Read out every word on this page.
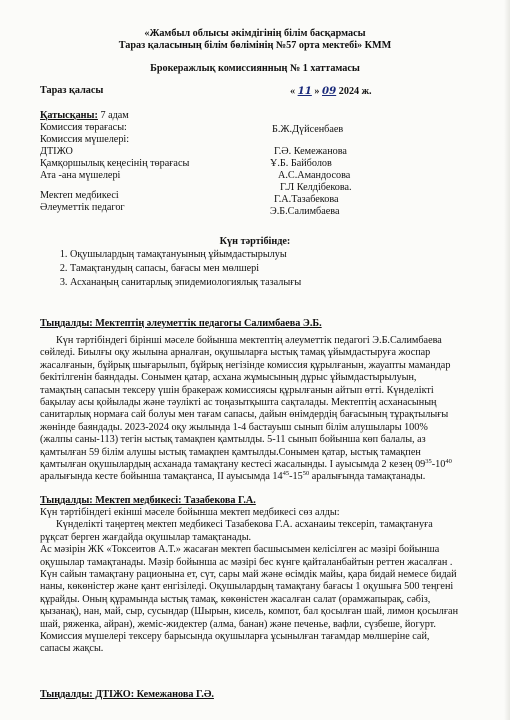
«Жамбыл облысы әкімдігінің білім басқармасы
Тараз қаласының білім бөлімінің №57 орта мектебі» КММ
Брокеражлық комиссиянның № 1 хаттамасы
Тараз қаласы	« 11 » 09 2024 ж.
Қатысқаны: 7 адам
Комиссия төрағасы:
Комиссия мүшелері:
ДТІЖО
Қамқоршылық кеңесінің төрағасы
Ата -ана мүшелері
Мектеп медбикесі
Әлеуметтік педагог
Б.Ж.Дүйсенбаев
Г.Ә. Кемежанова
Ұ.Б. Байболов
А.С.Амандосова
Г.Л Келдібекова.
Г.А.Тазабекова
Э.Б.Салимбаева
Күн тәртібінде:
1. Оқушылардың тамақтануының ұйымдастырылуы
2. Тамақтанудың сапасы, бағасы мен мөлшері
3. Асханаңың санитарлық эпидемиологиялық тазалығы
Тыңдалды: Мектептің әлеуметтік педагогы Салимбаева Э.Б.
Күн тәртібіндегі бірінші мәселе бойынша мектептің әлеуметтік педагогі Э.Б.Салимбаева
сөйледі. Биылғы оқу жылына арналған, оқушыларға ыстық тамақ ұйымдастыруға жоспар
жасалғанын, бұйрық шығарылып, бұйрық негізінде комиссия құрылғанын, жауапты мамандар
бекітілгенін баяндады. Сонымен қатар, асхана жұмысының дұрыс ұйымдастырылуын,
тамақтың сапасын тексеру үшін бракераж комиссиясы құрылғанын айтып өтті. Күнделікті
бақылау асы қойылады және тәулікті ас тоңазытқышта сақталады. Мектептің асханасының
санитарлық нормаға сай болуы мен тағам сапасы, дайын өнімдердің бағасының тұрақтылығы
жөнінде баяндады. 2023-2024 оқу жылында 1-4 бастауыш сынып білім алушылары 100%
(жалпы саны-113) тегін ыстық тамақпен қамтылды. 5-11 сынып бойынша көп балалы, аз
қамтылған 59 білім алушы ыстық тамақпен қамтылды.Сонымен қатар, ыстық тамақпен
қамтылған оқушылардың асханада тамақтану кестесі жасалынды. I ауысымда 2 кезең $09^{35}-10^{40}$
аралығында кесте бойынша тамақтанса, II ауысымда $14^{45}-15^{50}$ аралығында тамақтанады.
Тыңдалды: Мектеп медбикесі: Тазабекова Г.А.
Күн тәртібіндегі екінші мәселе бойынша мектеп медбикесі сөз алды:
Күнделікті таңертең мектеп медбикесі Тазабекова Г.А. асханаиы тексеріп, тамақтануға
рұқсат берген жағдайда оқушылар тамақтанады.
Ас мәзірін ЖК «Токсеитов А.Т.» жасаған мектеп басшысымен келісілген ас мәзірі бойынша
оқушылар тамақтанады. Мәзір бойынша ас мәзірі бес күнге қайталанбайтын реттен жасалған .
Күн сайын тамақтану рационына ет, сүт, сары май және өсімдік майы, қара бидай немесе бидай
наны, көкөністер және қант енгізіледі. Оқушылардың тамақтану бағасы 1 оқушыға 500 теңгені
құрайды. Оның құрамында ыстық тамақ, көкөністен жасалған салат (орамжапырақ, сәбіз,
қызанақ), нан, май, сыр, сусындар (Шырын, кисель, компот, бал қосылған шай, лимон қосылған
шай, ряженка, айран), жеміс-жидектер (алма, банан) және печенье, вафли, сүзбеше, йогурт.
Комиссия мүшелері тексеру барысында оқушыларға ұсынылған тағамдар мөлшеріне сай,
сапасы жақсы.
Тыңдалды: ДТІЖО: Кемежанова Г.Ә.
